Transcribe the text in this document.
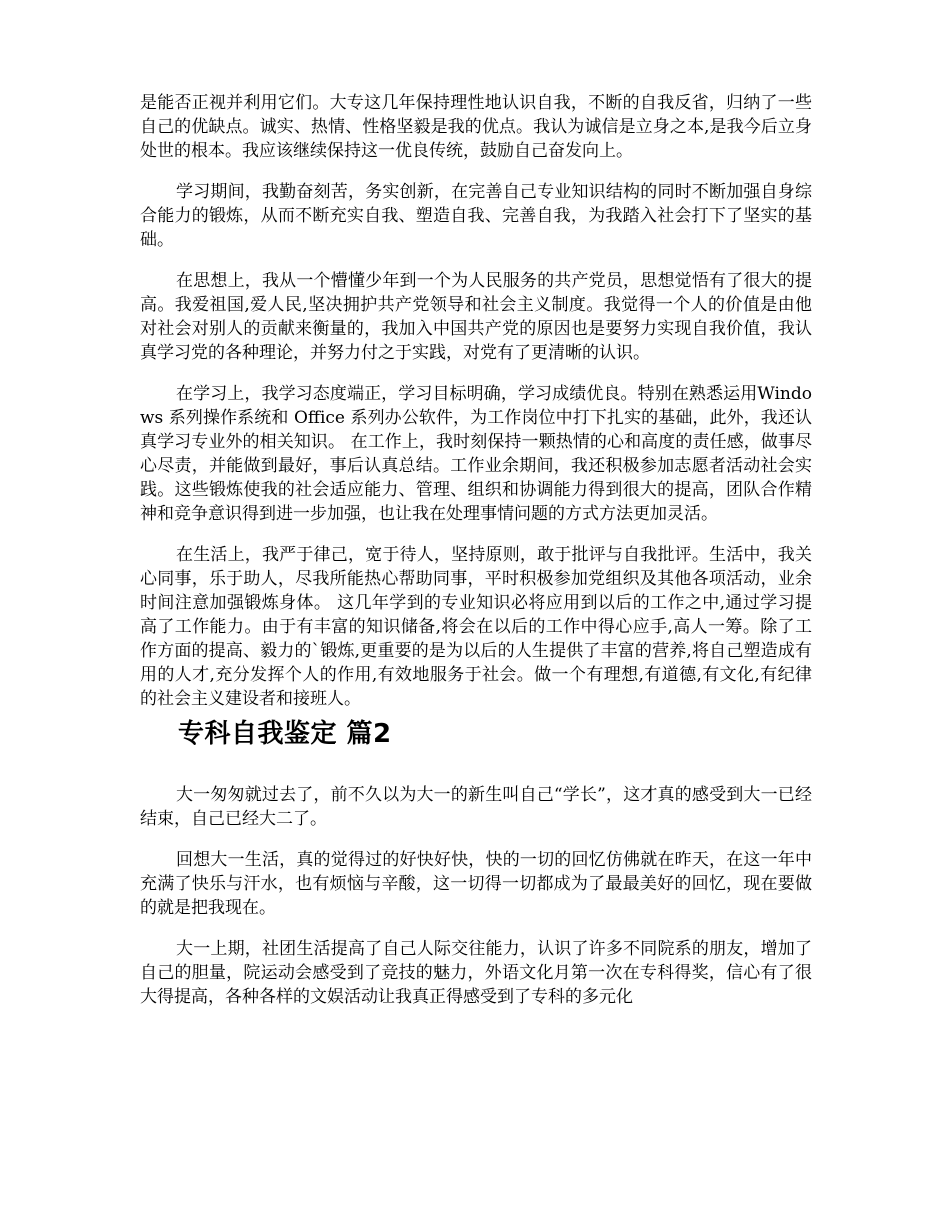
是能否正视并利用它们。大专这几年保持理性地认识自我，不断的自我反省，归纳了一些自己的优缺点。诚实、热情、性格坚毅是我的优点。我认为诚信是立身之本,是我今后立身处世的根本。我应该继续保持这一优良传统，鼓励自己奋发向上。

学习期间，我勤奋刻苦，务实创新，在完善自己专业知识结构的同时不断加强自身综合能力的锻炼，从而不断充实自我、塑造自我、完善自我，为我踏入社会打下了坚实的基础。

在思想上，我从一个懵懂少年到一个为人民服务的共产党员，思想觉悟有了很大的提高。我爱祖国,爱人民,坚决拥护共产党领导和社会主义制度。我觉得一个人的价值是由他对社会对别人的贡献来衡量的，我加入中国共产党的原因也是要努力实现自我价值，我认真学习党的各种理论，并努力付之于实践，对党有了更清晰的认识。

在学习上，我学习态度端正，学习目标明确，学习成绩优良。特别在熟悉运用Windows 系列操作系统和 Office 系列办公软件，为工作岗位中打下扎实的基础，此外，我还认真学习专业外的相关知识。 在工作上，我时刻保持一颗热情的心和高度的责任感，做事尽心尽责，并能做到最好，事后认真总结。工作业余期间，我还积极参加志愿者活动社会实践。这些锻炼使我的社会适应能力、管理、组织和协调能力得到很大的提高，团队合作精神和竞争意识得到进一步加强，也让我在处理事情问题的方式方法更加灵活。

在生活上，我严于律己，宽于待人，坚持原则，敢于批评与自我批评。生活中，我关心同事，乐于助人，尽我所能热心帮助同事，平时积极参加党组织及其他各项活动，业余时间注意加强锻炼身体。 这几年学到的专业知识必将应用到以后的工作之中,通过学习提高了工作能力。由于有丰富的知识储备,将会在以后的工作中得心应手,高人一筹。除了工作方面的提高、毅力的`锻炼,更重要的是为以后的人生提供了丰富的营养,将自己塑造成有用的人才,充分发挥个人的作用,有效地服务于社会。做一个有理想,有道德,有文化,有纪律的社会主义建设者和接班人。

专科自我鉴定 篇2

大一匆匆就过去了，前不久以为大一的新生叫自己“学长”，这才真的感受到大一已经结束，自己已经大二了。

回想大一生活，真的觉得过的好快好快，快的一切的回忆仿佛就在昨天，在这一年中充满了快乐与汗水，也有烦恼与辛酸，这一切得一切都成为了最最美好的回忆，现在要做的就是把我现在。

大一上期，社团生活提高了自己人际交往能力，认识了许多不同院系的朋友，增加了自己的胆量，院运动会感受到了竞技的魅力，外语文化月第一次在专科得奖，信心有了很大得提高，各种各样的文娱活动让我真正得感受到了专科的多元化
